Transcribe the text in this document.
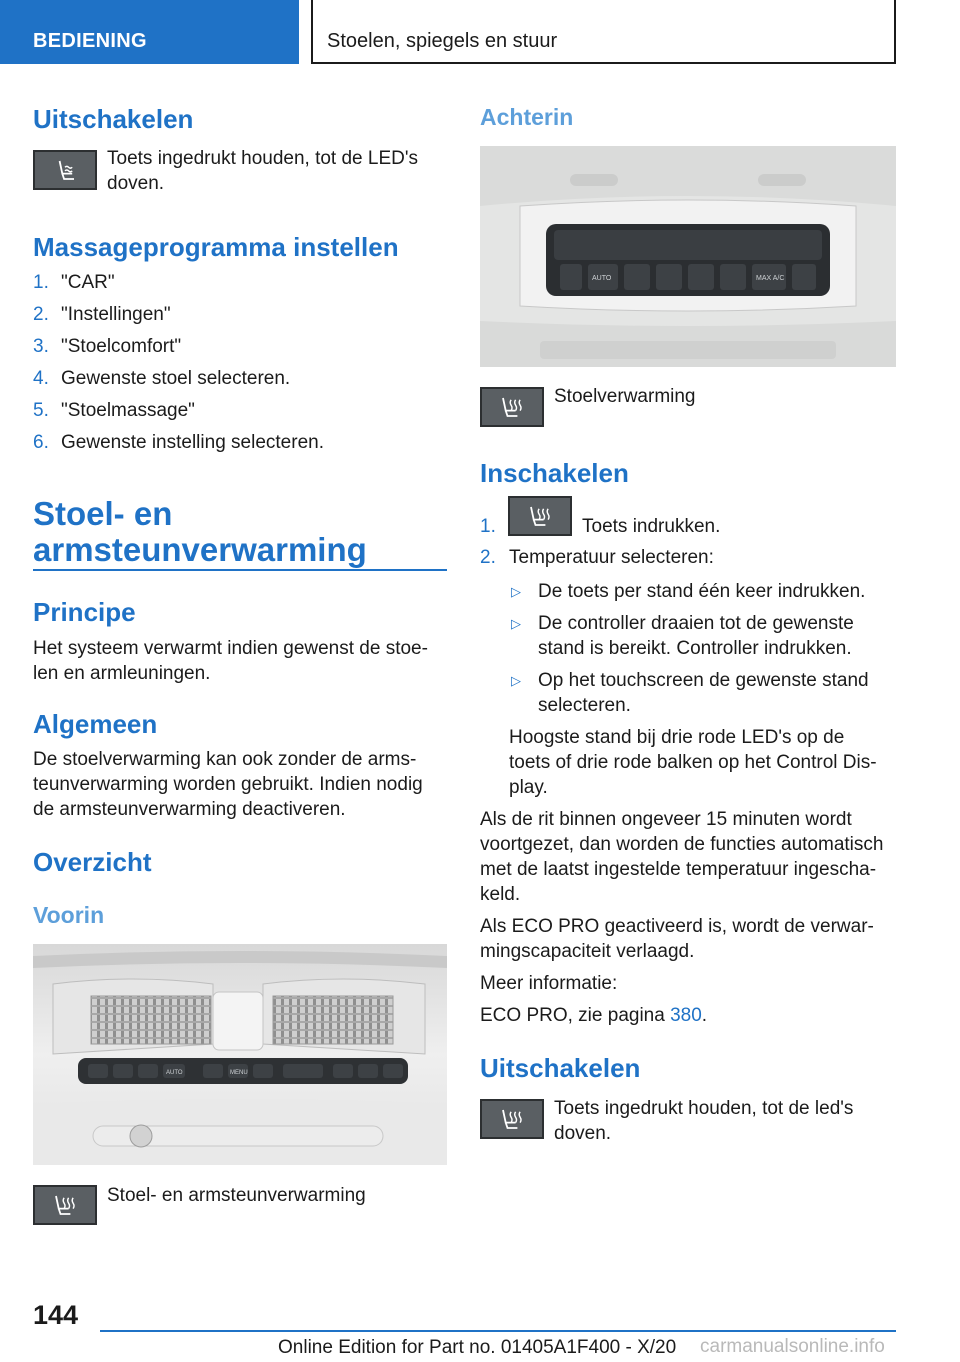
BEDIENING	Stoelen, spiegels en stuur
Uitschakelen
Toets ingedrukt houden, tot de LED's
doven.
Massageprogramma instellen
1. "CAR"
2. "Instellingen"
3. "Stoelcomfort"
4. Gewenste stoel selecteren.
5. "Stoelmassage"
6. Gewenste instelling selecteren.
Stoel- en
armsteunverwarming
Principe
Het systeem verwarmt indien gewenst de stoe-
len en armleuningen.
Algemeen
De stoelverwarming kan ook zonder de arms-
teunverwarming worden gebruikt. Indien nodig
de armsteunverwarming deactiveren.
Overzicht
Voorin
AUTO	MENU
Stoel- en armsteunverwarming
Achterin
AUTO	MAX A/C
Stoelverwarming
Inschakelen
1.	Toets indrukken.
2. Temperatuur selecteren:
▷ De toets per stand één keer indrukken.
▷ De controller draaien tot de gewenste
stand is bereikt. Controller indrukken.
▷ Op het touchscreen de gewenste stand
selecteren.
Hoogste stand bij drie rode LED's op de
toets of drie rode balken op het Control Dis-
play.
Als de rit binnen ongeveer 15 minuten wordt
voortgezet, dan worden de functies automatisch
met de laatst ingestelde temperatuur ingescha-
keld.
Als ECO PRO geactiveerd is, wordt de verwar-
mingscapaciteit verlaagd.
Meer informatie:
ECO PRO, zie pagina 380.
Uitschakelen
Toets ingedrukt houden, tot de led's
doven.
144
Online Edition for Part no. 01405A1F400 - X/20	carmanualsonline.info
